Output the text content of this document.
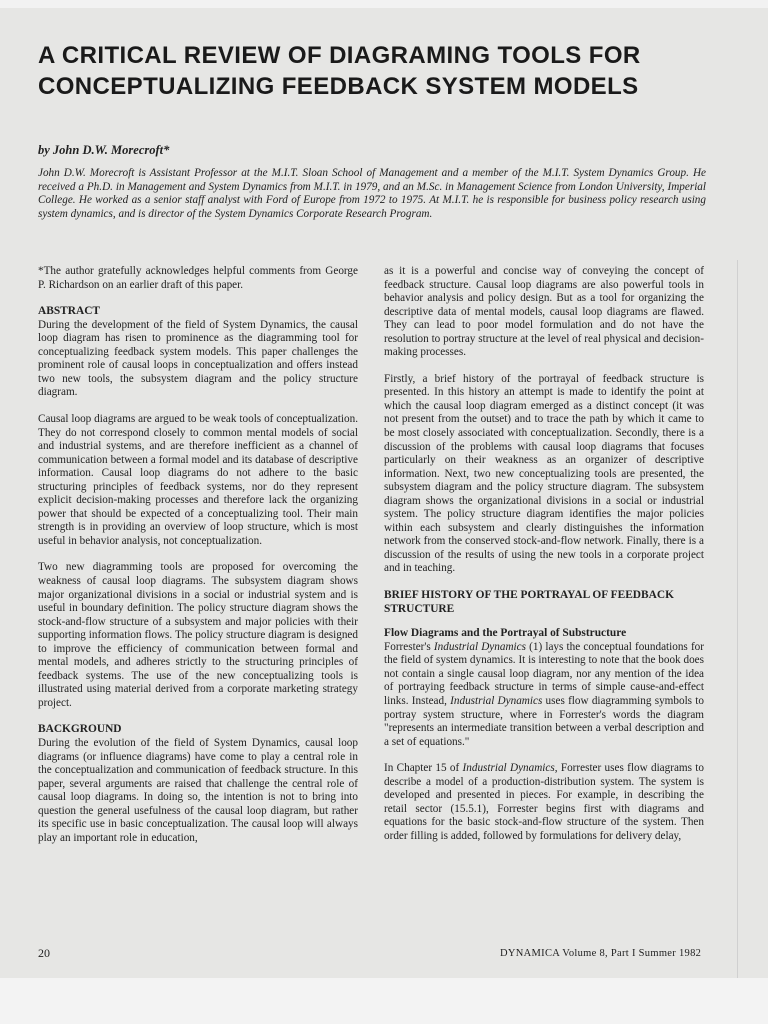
A CRITICAL REVIEW OF DIAGRAMING TOOLS FOR
CONCEPTUALIZING FEEDBACK SYSTEM MODELS
by John D.W. Morecroft*
John D.W. Morecroft is Assistant Professor at the M.I.T. Sloan School of Management and a member of the M.I.T. System Dynamics Group. He received a Ph.D. in Management and System Dynamics from M.I.T. in 1979, and an M.Sc. in Management Science from London University, Imperial College. He worked as a senior staff analyst with Ford of Europe from 1972 to 1975. At M.I.T. he is responsible for business policy research using system dynamics, and is director of the System Dynamics Corporate Research Program.

*The author gratefully acknowledges helpful comments from George P. Richardson on an earlier draft of this paper.

ABSTRACT

During the development of the field of System Dynamics, the causal loop diagram has risen to prominence as the diagramming tool for conceptualizing feedback system models. This paper challenges the prominent role of causal loops in conceptualization and offers instead two new tools, the subsystem diagram and the policy structure diagram.

Causal loop diagrams are argued to be weak tools of conceptualization. They do not correspond closely to common mental models of social and industrial systems, and are therefore inefficient as a channel of communication between a formal model and its database of descriptive information. Causal loop diagrams do not adhere to the basic structuring principles of feedback systems, nor do they represent explicit decision-making processes and therefore lack the organizing power that should be expected of a conceptualizing tool. Their main strength is in providing an overview of loop structure, which is most useful in behavior analysis, not conceptualization.

Two new diagramming tools are proposed for overcoming the weakness of causal loop diagrams. The subsystem diagram shows major organizational divisions in a social or industrial system and is useful in boundary definition. The policy structure diagram shows the stock-and-flow structure of a subsystem and major policies with their supporting information flows. The policy structure diagram is designed to improve the efficiency of communication between formal and mental models, and adheres strictly to the structuring principles of feedback systems. The use of the new conceptualizing tools is illustrated using material derived from a corporate marketing strategy project.

BACKGROUND

During the evolution of the field of System Dynamics, causal loop diagrams (or influence diagrams) have come to play a central role in the conceptualization and communication of feedback structure. In this paper, several arguments are raised that challenge the central role of causal loop diagrams. In doing so, the intention is not to bring into question the general usefulness of the causal loop diagram, but rather its specific use in basic conceptualization. The causal loop will always play an important role in education,

as it is a powerful and concise way of conveying the concept of feedback structure. Causal loop diagrams are also powerful tools in behavior analysis and policy design. But as a tool for organizing the descriptive data of mental models, causal loop diagrams are flawed. They can lead to poor model formulation and do not have the resolution to portray structure at the level of real physical and decision-making processes.

Firstly, a brief history of the portrayal of feedback structure is presented. In this history an attempt is made to identify the point at which the causal loop diagram emerged as a distinct concept (it was not present from the outset) and to trace the path by which it came to be most closely associated with conceptualization. Secondly, there is a discussion of the problems with causal loop diagrams that focuses particularly on their weakness as an organizer of descriptive information. Next, two new conceptualizing tools are presented, the subsystem diagram and the policy structure diagram. The subsystem diagram shows the organizational divisions in a social or industrial system. The policy structure diagram identifies the major policies within each subsystem and clearly distinguishes the information network from the conserved stock-and-flow network. Finally, there is a discussion of the results of using the new tools in a corporate project and in teaching.

BRIEF HISTORY OF THE PORTRAYAL OF FEEDBACK STRUCTURE
Flow Diagrams and the Portrayal of Substructure

Forrester's Industrial Dynamics (1) lays the conceptual foundations for the field of system dynamics. It is interesting to note that the book does not contain a single causal loop diagram, nor any mention of the idea of portraying feedback structure in terms of simple cause-and-effect links. Instead, Industrial Dynamics uses flow diagramming symbols to portray system structure, where in Forrester's words the diagram "represents an intermediate transition between a verbal description and a set of equations."

In Chapter 15 of Industrial Dynamics, Forrester uses flow diagrams to describe a model of a production-distribution system. The system is developed and presented in pieces. For example, in describing the retail sector (15.5.1), Forrester begins first with diagrams and equations for the basic stock-and-flow structure of the system. Then order filling is added, followed by formulations for delivery delay,

20	DYNAMICA Volume 8, Part I Summer 1982
